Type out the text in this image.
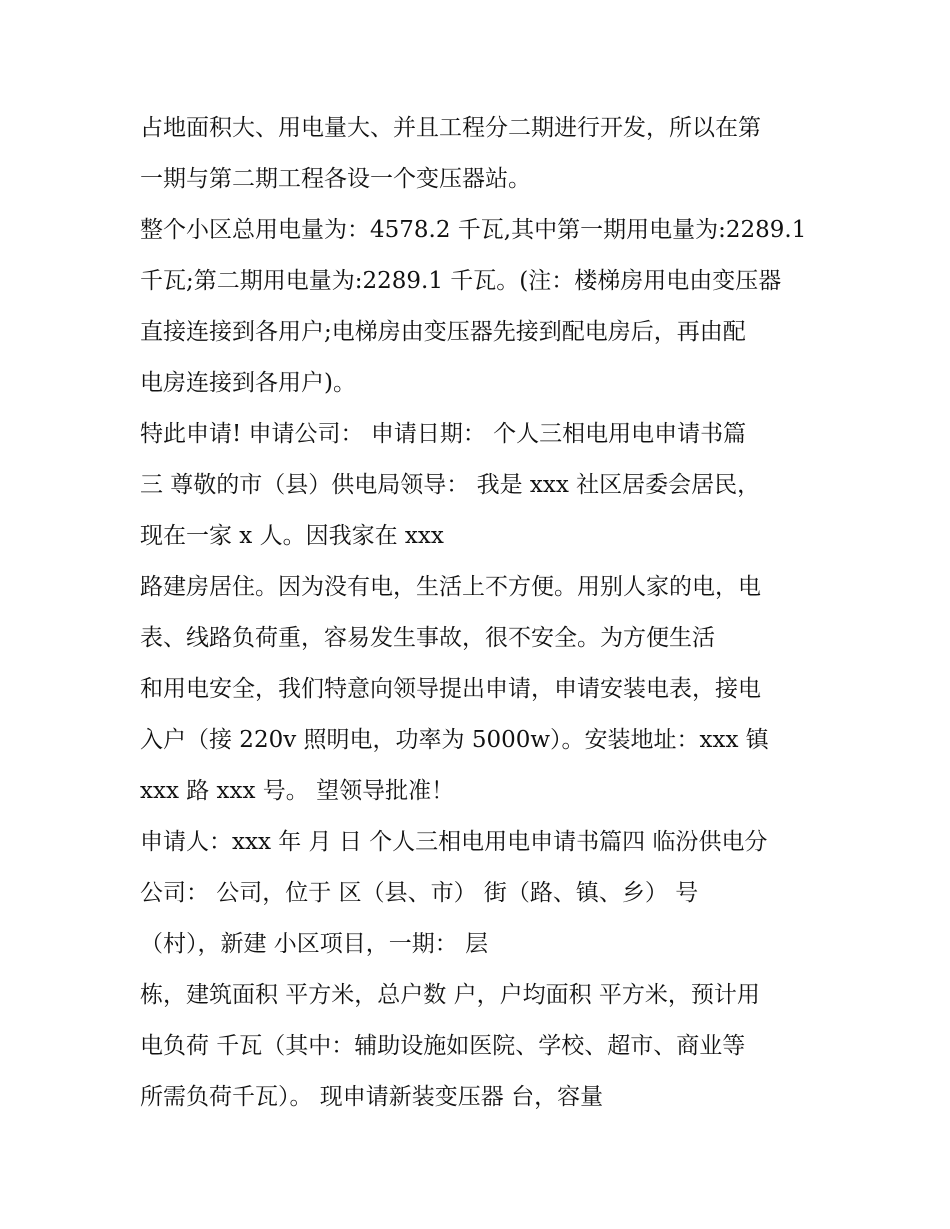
占地面积大、用电量大、并且工程分二期进行开发，所以在第
一期与第二期工程各设一个变压器站。
整个小区总用电量为：4578.2 千瓦,其中第一期用电量为:2289.1
千瓦;第二期用电量为:2289.1 千瓦。(注：楼梯房用电由变压器
直接连接到各用户;电梯房由变压器先接到配电房后，再由配
电房连接到各用户)。
特此申请! 申请公司： 申请日期： 个人三相电用电申请书篇
三 尊敬的市（县）供电局领导： 我是 xxx 社区居委会居民，
现在一家 x 人。因我家在 xxx
路建房居住。因为没有电，生活上不方便。用别人家的电，电
表、线路负荷重，容易发生事故，很不安全。为方便生活
和用电安全，我们特意向领导提出申请，申请安装电表，接电
入户（接 220v 照明电，功率为 5000w）。安装地址：xxx 镇
xxx 路 xxx 号。 望领导批准！
申请人：xxx 年 月 日 个人三相电用电申请书篇四 临汾供电分
公司： 公司，位于 区（县、市） 街（路、镇、乡） 号
（村），新建 小区项目，一期： 层
栋，建筑面积 平方米，总户数 户，户均面积 平方米，预计用
电负荷 千瓦（其中：辅助设施如医院、学校、超市、商业等
所需负荷千瓦）。 现申请新装变压器 台，容量
